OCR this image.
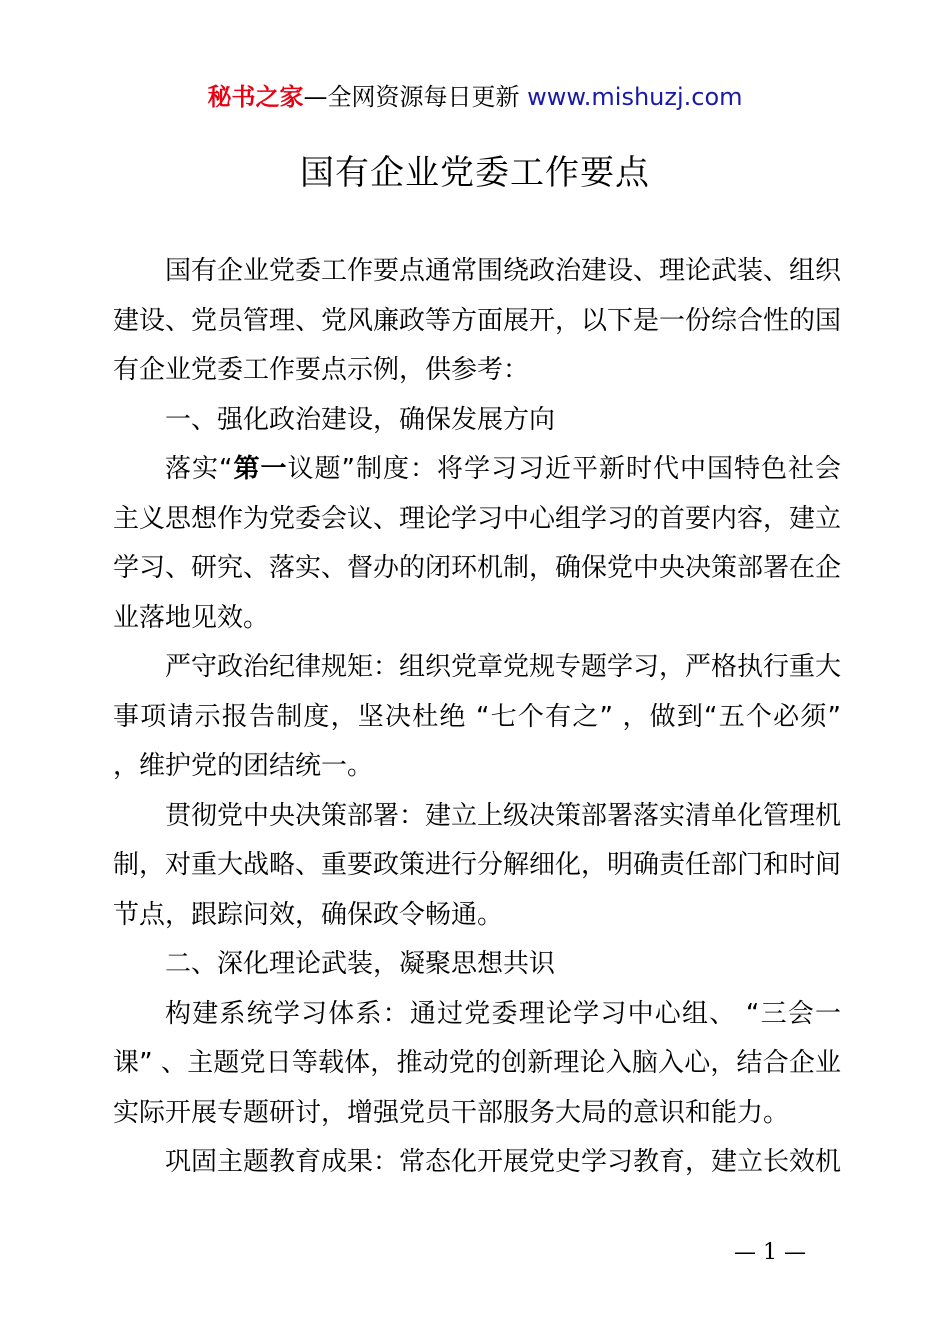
秘书之家—全网资源每日更新 www.mishuzj.com
国有企业党委工作要点

国有企业党委工作要点通常围绕政治建设、理论武装、组织建设、党员管理、党风廉政等方面展开，以下是一份综合性的国有企业党委工作要点示例，供参考：

一、强化政治建设，确保发展方向

落实“第一议题”制度：将学习习近平新时代中国特色社会主义思想作为党委会议、理论学习中心组学习的首要内容，建立学习、研究、落实、督办的闭环机制，确保党中央决策部署在企业落地见效。

严守政治纪律规矩：组织党章党规专题学习，严格执行重大事项请示报告制度，坚决杜绝 “七个有之” ，做到“五个必须” ，维护党的团结统一。

贯彻党中央决策部署：建立上级决策部署落实清单化管理机制，对重大战略、重要政策进行分解细化，明确责任部门和时间节点，跟踪问效，确保政令畅通。

二、深化理论武装，凝聚思想共识

构建系统学习体系：通过党委理论学习中心组、 “三会一课” 、主题党日等载体，推动党的创新理论入脑入心，结合企业实际开展专题研讨，增强党员干部服务大局的意识和能力。

巩固主题教育成果：常态化开展党史学习教育，建立长效机

— 1 —
